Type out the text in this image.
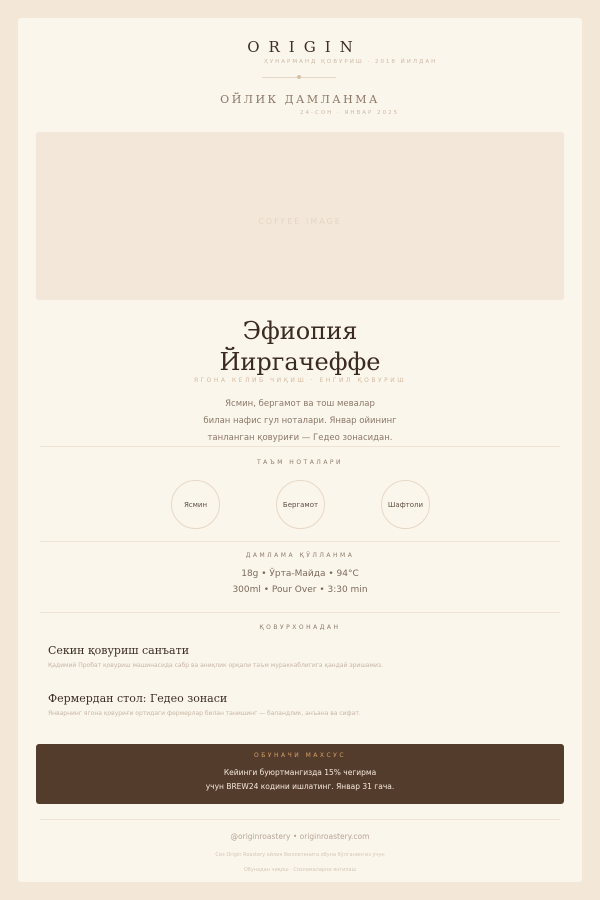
ORIGIN
ҲУНАРМАНД ҚОВУРИШ · 2018 ЙИЛДАН
ОЙЛИК ДАМЛАНМА
24-СОН · ЯНВАР 2025
COFFEE IMAGE
Эфиопия
Йиргачеффе
ЯГОНА КЕЛИБ ЧИҚИШ · ЕНГИЛ ҚОВУРИШ
Ясмин, бергамот ва тош мевалар
билан нафис гул ноталари. Январ ойининг
танланган қовуриғи — Гедео зонасидан.
ТАЪМ НОТАЛАРИ
Ясмин	Бергамот	Шафтоли
ДАМЛАМА ҚЎЛЛАНМА
18g • Ўрта-Майда • 94°C
300ml • Pour Over • 3:30 min
ҚОВУРХОНАДАН
Секин қовуриш санъати
Қадимий Пробат қовуриш машинасида сабр ва аниқлик орқали таъм мураккаблигига қандай эришамиз.
Фермердан стол: Гедео зонаси
Январнинг ягона қовуриғи ортидаги фермерлар билан танишинг — баландлик, анъана ва сифат.
ОБУНАЧИ МАХСУС
Кейинги буюртмангизда 15% чегирма
учун BREW24 кодини ишлатинг. Январ 31 гача.
@originroastery • originroastery.com
Сиз Origin Roastery ойлик бюллетенига обуна бўлганингиз учун
Обунадан чиқиш · Созламаларни янгилаш
